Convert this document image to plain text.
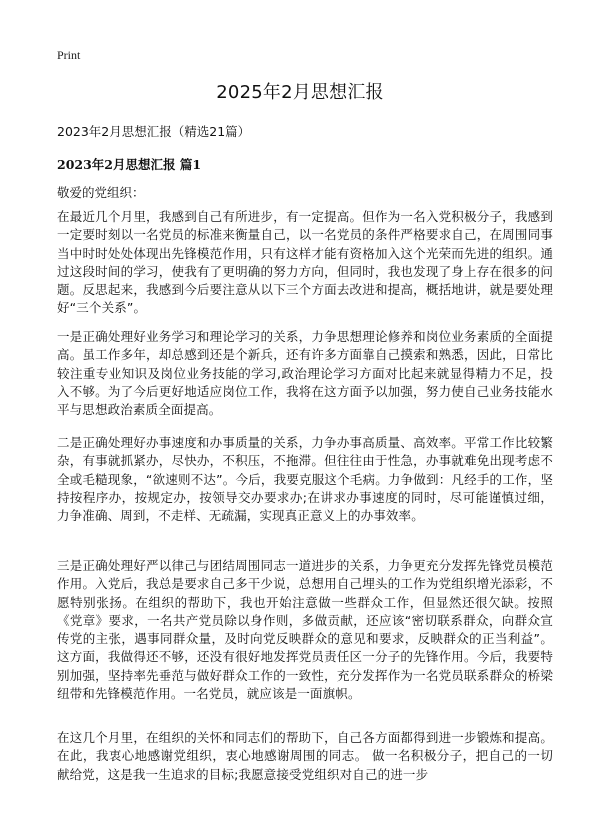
Print
2025年2月思想汇报
2023年2月思想汇报（精选21篇）
2023年2月思想汇报 篇1
敬爱的党组织：

在最近几个月里，我感到自己有所进步，有一定提高。但作为一名入党积极分子，我感到一定要时刻以一名党员的标准来衡量自己，以一名党员的条件严格要求自己，在周围同事当中时时处处体现出先锋模范作用，只有这样才能有资格加入这个光荣而先进的组织。通过这段时间的学习，使我有了更明确的努力方向，但同时，我也发现了身上存在很多的问题。反思起来，我感到今后要注意从以下三个方面去改进和提高，概括地讲，就是要处理好“三个关系”。

一是正确处理好业务学习和理论学习的关系，力争思想理论修养和岗位业务素质的全面提高。虽工作多年，却总感到还是个新兵，还有许多方面靠自己摸索和熟悉，因此，日常比较注重专业知识及岗位业务技能的学习,政治理论学习方面对比起来就显得精力不足，投入不够。为了今后更好地适应岗位工作，我将在这方面予以加强，努力使自己业务技能水平与思想政治素质全面提高。

二是正确处理好办事速度和办事质量的关系，力争办事高质量、高效率。平常工作比较繁杂，有事就抓紧办，尽快办，不积压，不拖滞。但往往由于性急，办事就难免出现考虑不全或毛糙现象，“欲速则不达”。今后，我要克服这个毛病。力争做到：凡经手的工作，坚持按程序办，按规定办，按领导交办要求办;在讲求办事速度的同时，尽可能谨慎过细，力争准确、周到，不走样、无疏漏，实现真正意义上的办事效率。

三是正确处理好严以律己与团结周围同志一道进步的关系，力争更充分发挥先锋党员模范作用。入党后，我总是要求自己多干少说，总想用自己埋头的工作为党组织增光添彩，不愿特别张扬。在组织的帮助下，我也开始注意做一些群众工作，但显然还很欠缺。按照《党章》要求，一名共产党员除以身作则，多做贡献，还应该“密切联系群众，向群众宣传党的主张，遇事同群众量，及时向党反映群众的意见和要求，反映群众的正当利益”。这方面，我做得还不够，还没有很好地发挥党员责任区一分子的先锋作用。今后，我要特别加强，坚持率先垂范与做好群众工作的一致性，充分发挥作为一名党员联系群众的桥梁纽带和先锋模范作用。一名党员，就应该是一面旗帜。

在这几个月里，在组织的关怀和同志们的帮助下，自己各方面都得到进一步锻炼和提高。在此，我衷心地感谢党组织，衷心地感谢周围的同志。 做一名积极分子，把自己的一切献给党，这是我一生追求的目标;我愿意接受党组织对自己的进一步
